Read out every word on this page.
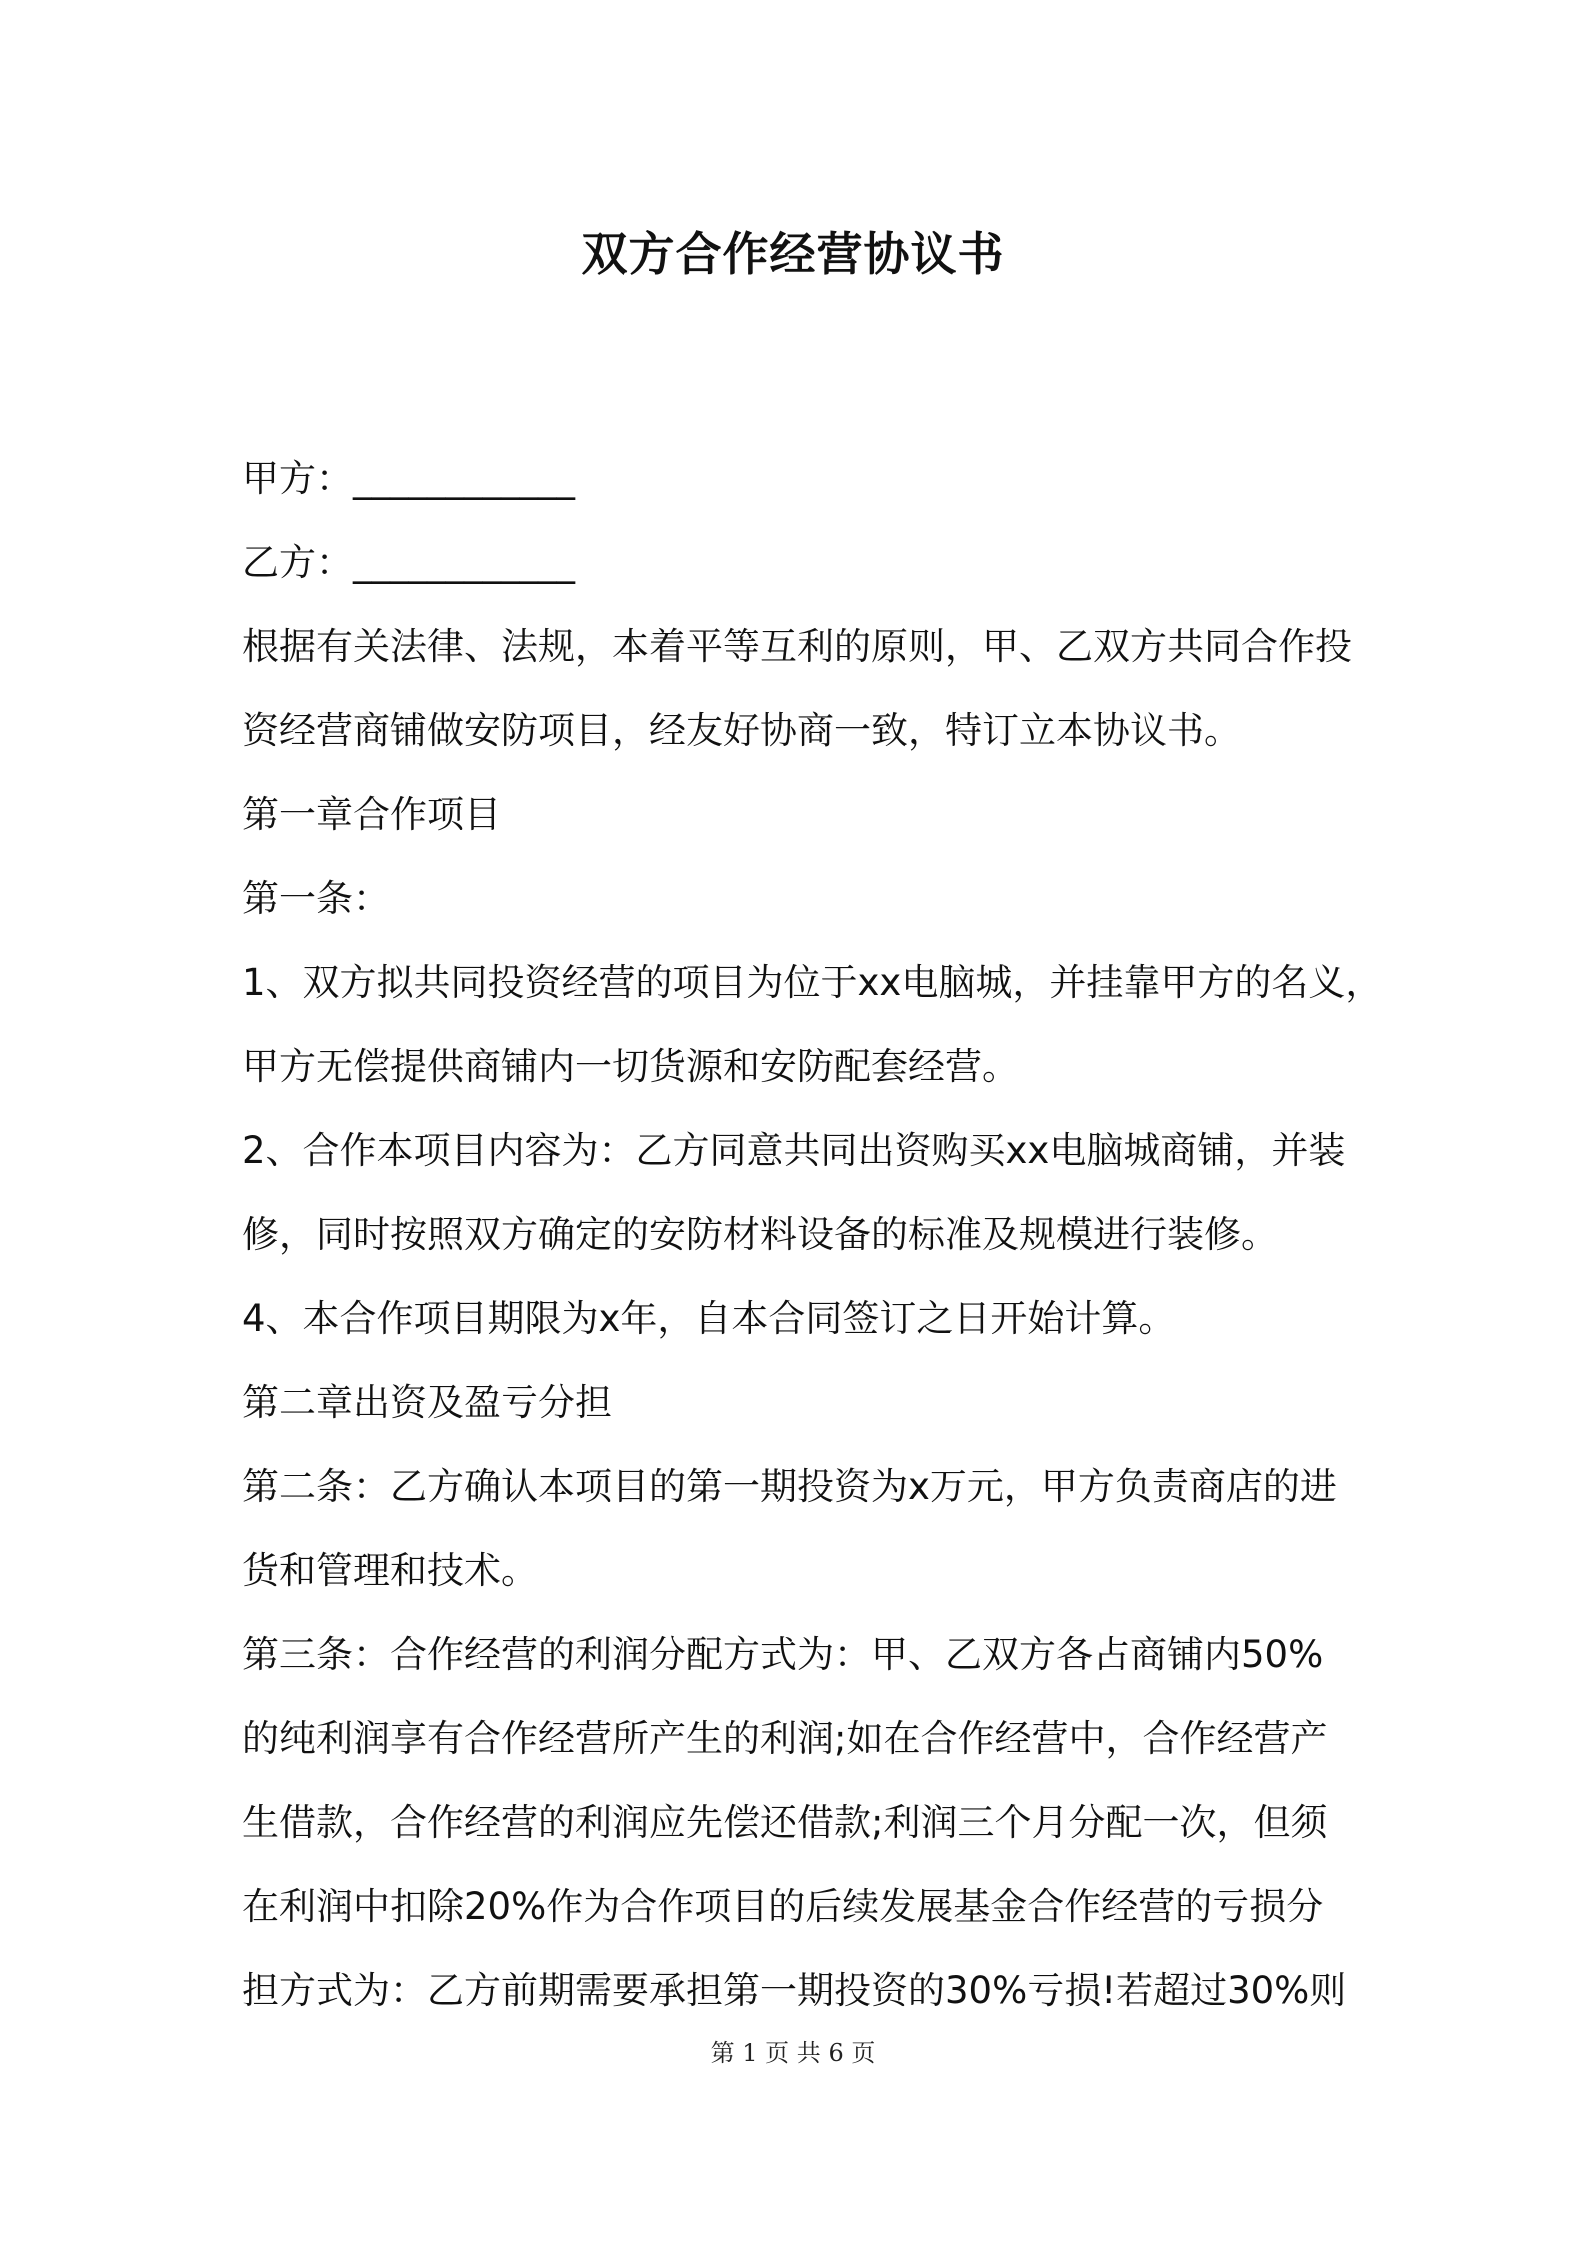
双方合作经营协议书

甲方：____________

乙方：____________

根据有关法律、法规，本着平等互利的原则，甲、乙双方共同合作投

资经营商铺做安防项目，经友好协商一致，特订立本协议书。

第一章合作项目

第一条：

1、双方拟共同投资经营的项目为位于xx电脑城，并挂靠甲方的名义，

甲方无偿提供商铺内一切货源和安防配套经营。

2、合作本项目内容为：乙方同意共同出资购买xx电脑城商铺，并装

修，同时按照双方确定的安防材料设备的标准及规模进行装修。

4、本合作项目期限为x年，自本合同签订之日开始计算。

第二章出资及盈亏分担

第二条：乙方确认本项目的第一期投资为x万元，甲方负责商店的进

货和管理和技术。

第三条：合作经营的利润分配方式为：甲、乙双方各占商铺内50%

的纯利润享有合作经营所产生的利润;如在合作经营中，合作经营产

生借款，合作经营的利润应先偿还借款;利润三个月分配一次，但须

在利润中扣除20%作为合作项目的后续发展基金合作经营的亏损分

担方式为：乙方前期需要承担第一期投资的30%亏损!若超过30%则

第 1 页 共 6 页
